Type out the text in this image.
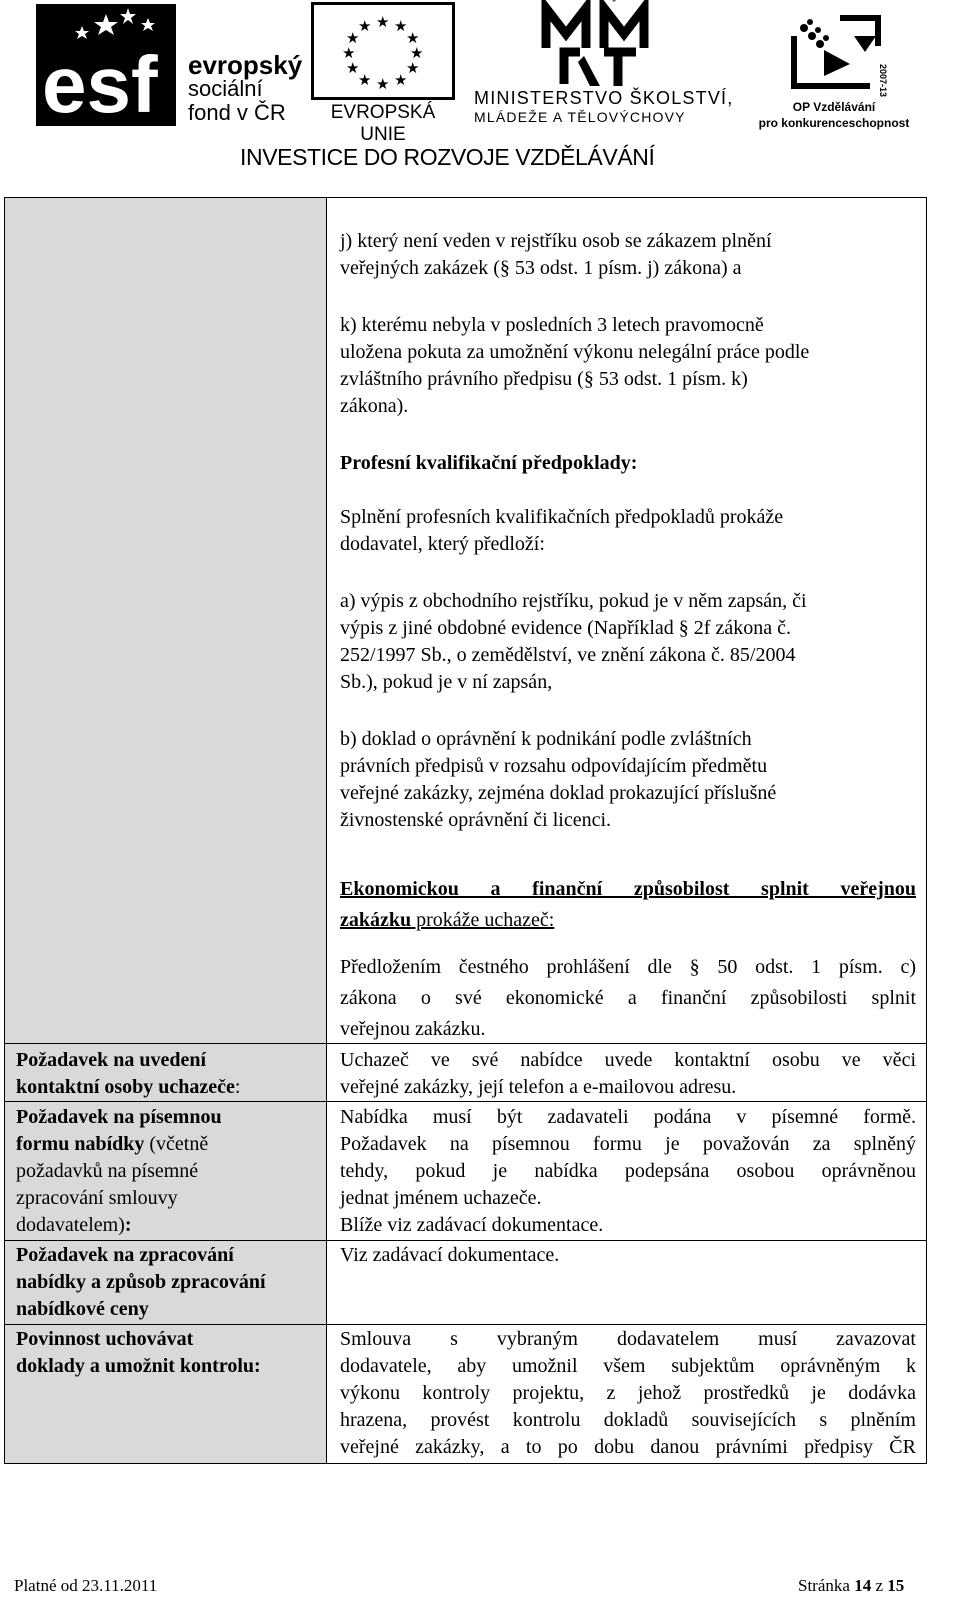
esf evropský
sociální
fond v ČR
★ ★
★
★
★
★
★
★
★
★
★
★
EVROPSKÁ UNIE
ˇ
MINISTERSTVO ŠKOLSTVÍ,
MLÁDEŽE A TĚLOVÝCHOVY
2007-13
OP Vzdělávání
pro konkurenceschopnost
INVESTICE DO ROZVOJE VZDĚLÁVÁNÍ
j) který není veden v rejstříku osob se zákazem plnění
veřejných zakázek (§ 53 odst. 1 písm. j) zákona) a
k) kterému nebyla v posledních 3 letech pravomocně
uložena pokuta za umožnění výkonu nelegální práce podle
zvláštního právního předpisu (§ 53 odst. 1 písm. k)
zákona).
Profesní kvalifikační předpoklady:
Splnění profesních kvalifikačních předpokladů prokáže
dodavatel, který předloží:
a) výpis z obchodního rejstříku, pokud je v něm zapsán, či
výpis z jiné obdobné evidence (Například § 2f zákona č.
252/1997 Sb., o zemědělství, ve znění zákona č. 85/2004
Sb.), pokud je v ní zapsán,
b) doklad o oprávnění k podnikání podle zvláštních
právních předpisů v rozsahu odpovídajícím předmětu
veřejné zakázky, zejména doklad prokazující příslušné
živnostenské oprávnění či licenci.
Ekonomickou a finanční způsobilost splnit veřejnou
zakázku prokáže uchazeč:
Předložením čestného prohlášení dle § 50 odst. 1 písm. c)
zákona o své ekonomické a finanční způsobilosti splnit
veřejnou zakázku.
Uchazeč ve své nabídce uvede kontaktní osobu ve věci
veřejné zakázky, její telefon a e-mailovou adresu.
Nabídka musí být zadavateli podána v písemné formě.
Požadavek na písemnou formu je považován za splněný
tehdy, pokud je nabídka podepsána osobou oprávněnou
jednat jménem uchazeče.
Blíže viz zadávací dokumentace.
Viz zadávací dokumentace.
Smlouva s vybraným dodavatelem musí zavazovat
dodavatele, aby umožnil všem subjektům oprávněným k
výkonu kontroly projektu, z jehož prostředků je dodávka
hrazena, provést kontrolu dokladů souvisejících s plněním
veřejné zakázky, a to po dobu danou právními předpisy ČR
Požadavek na uvedení
kontaktní osoby uchazeče:
Požadavek na písemnou
formu nabídky (včetně
požadavků na písemné
zpracování smlouvy
dodavatelem):
Požadavek na zpracování
nabídky a způsob zpracování
nabídkové ceny
Povinnost uchovávat
doklady a umožnit kontrolu:
Platné od 23.11.2011	Stránka 14 z 15
